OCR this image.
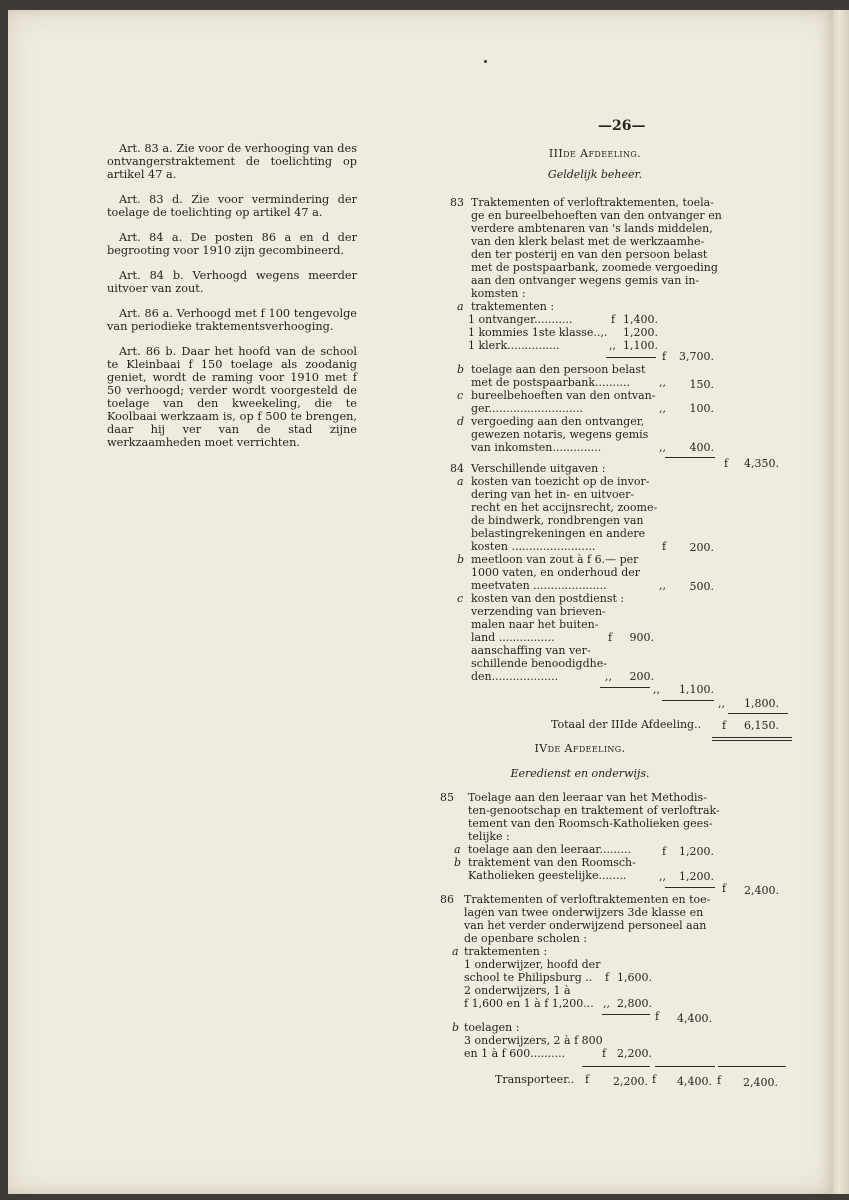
—26—

Art. 83 a. Zie voor de verhooging van des ontvangerstraktement de toelichting op artikel 47 a.

Art. 83 d. Zie voor vermindering der toelage de toelichting op artikel 47 a.

Art. 84 a. De posten 86 a en d der begrooting voor 1910 zijn gecombineerd.

Art. 84 b. Verhoogd wegens meerder uitvoer van zout.

Art. 86 a. Verhoogd met f 100 tengevolge van periodieke traktementsverhooging.

Art. 86 b. Daar het hoofd van de school te Kleinbaai f 150 toelage als zoodanig geniet, wordt de raming voor 1910 met f 50 verhoogd; verder wordt voorgesteld de toelage van den kweekeling, die te Koolbaai werkzaam is, op f 500 te brengen, daar hij ver van de stad zijne werkzaamheden moet verrichten.

IIIde Afdeeling.
Geldelijk beheer.
83 Traktementen of verloftraktementen, toela-
ge en bureelbehoeften van den ontvanger en
verdere ambtenaren van 's lands middelen,
van den klerk belast met de werkzaamhe-
den ter posterij en van den persoon belast
met de postspaarbank, zoomede vergoeding
aan den ontvanger wegens gemis van in-
komsten :
a traktementen :
1 ontvanger...........	f 1,400.
1 kommies 1ste klasse..,.	1,200.
1 klerk...............	,, 1,100.
f	3,700.
b toelage aan den persoon belast
met de postspaarbank..........	,,	150.
c bureelbehoeften van den ontvan-
ger...........................	,,	100.
d vergoeding aan den ontvanger,
gewezen notaris, wegens gemis
van inkomsten..............	,,	400.
f	4,350.
84 Verschillende uitgaven :
a kosten van toezicht op de invor-
dering van het in- en uitvoer-
recht en het accijnsrecht, zoome-
de bindwerk, rondbrengen van
belastingrekeningen en andere
kosten ........................	f	200.
b meetloon van zout à f 6.— per
1000 vaten, en onderhoud der
meetvaten .....................	,,	500.
c kosten van den postdienst :
verzending van brieven-
malen naar het buiten-
land ................	f	900.
aanschaffing van ver-
schillende benoodigdhe-
den...................	,,	200.
,,	1,100.
,,	1,800.
Totaal der IIIde Afdeeling.. f	6,150.
IVde Afdeeling.
Eeredienst en onderwijs.
85 Toelage aan den leeraar van het Methodis-
ten-genootschap en traktement of verloftrak-
tement van den Roomsch-Katholieken gees-
telijke :
a toelage aan den leeraar.........	f	1,200.
b traktement van den Roomsch-
Katholieken geestelijke........	,,	1,200.
f	2,400.
86 Traktementen of verloftraktementen en toe-
lagen van twee onderwijzers 3de klasse en
van het verder onderwijzend personeel aan
de openbare scholen :
a traktementen :
1 onderwijzer, hoofd der
school te Philipsburg .. f 1,600.
2 onderwijzers, 1 à
f 1,600 en 1 à f 1,200... ,, 2,800.
f	4,400.
b toelagen :
3 onderwijzers, 2 à f 800
en 1 à f 600..........	f 2,200.
Transporteer.. f	2,200. f	4,400. f	2,400.
